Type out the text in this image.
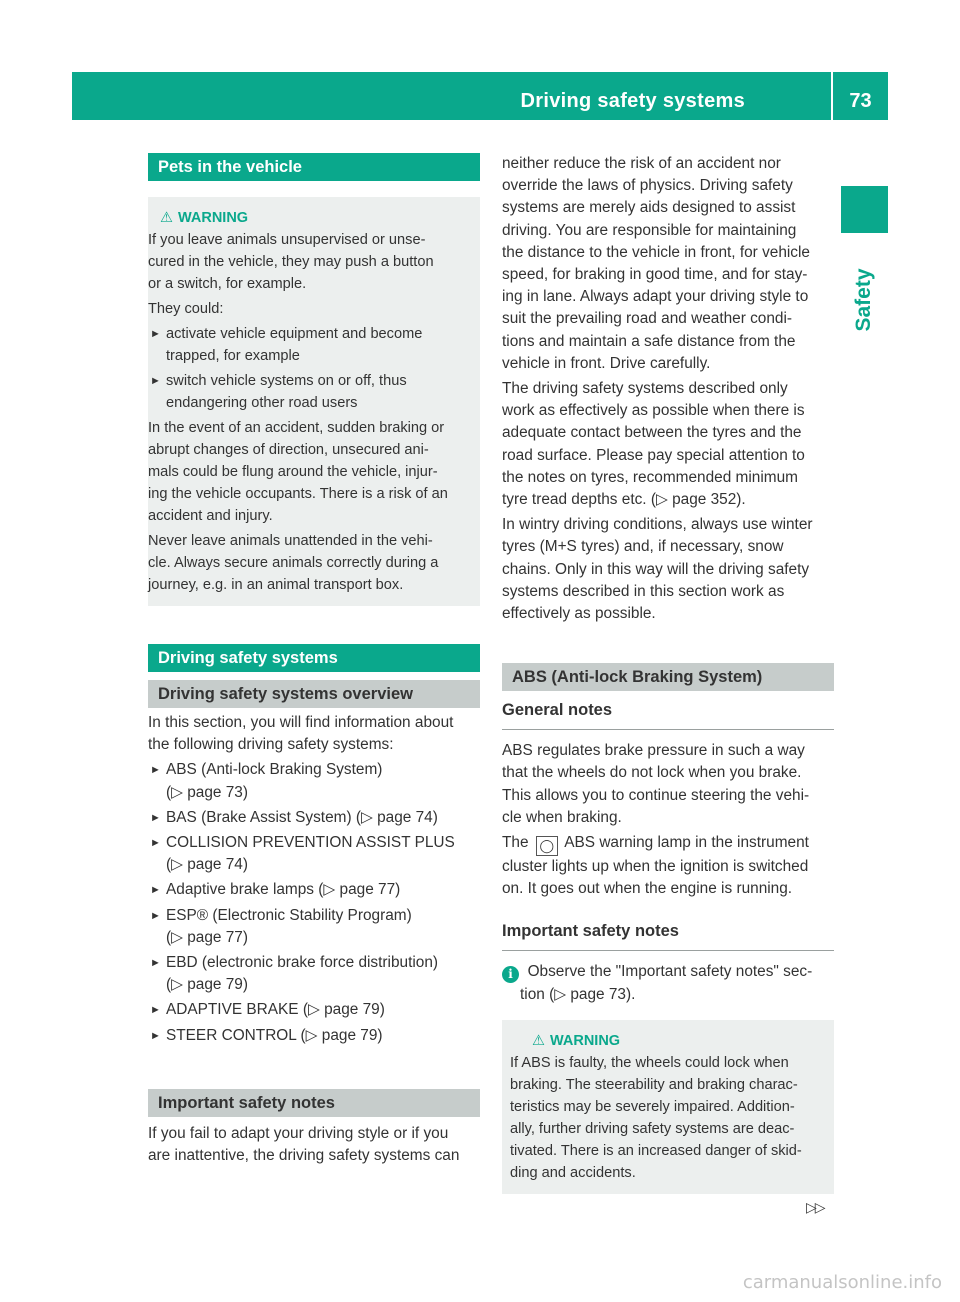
Driving safety systems	73
Safety
Pets in the vehicle
⚠ WARNING

If you leave animals unsupervised or unse-

cured in the vehicle, they may push a button

or a switch, for example.

They could:

► activate vehicle equipment and become

trapped, for example

► switch vehicle systems on or off, thus

endangering other road users

In the event of an accident, sudden braking or

abrupt changes of direction, unsecured ani-

mals could be flung around the vehicle, injur-

ing the vehicle occupants. There is a risk of an

accident and injury.

Never leave animals unattended in the vehi-

cle. Always secure animals correctly during a

journey, e.g. in an animal transport box.

Driving safety systems
Driving safety systems overview

In this section, you will find information about

the following driving safety systems:

► ABS (Anti-lock Braking System)

(▷ page 73)

► BAS (Brake Assist System) (▷ page 74)

► COLLISION PREVENTION ASSIST PLUS

(▷ page 74)

► Adaptive brake lamps (▷ page 77)

► ESP® (Electronic Stability Program)

(▷ page 77)

► EBD (electronic brake force distribution)

(▷ page 79)

► ADAPTIVE BRAKE (▷ page 79)

► STEER CONTROL (▷ page 79)

Important safety notes

If you fail to adapt your driving style or if you

are inattentive, the driving safety systems can

neither reduce the risk of an accident nor

override the laws of physics. Driving safety

systems are merely aids designed to assist

driving. You are responsible for maintaining

the distance to the vehicle in front, for vehicle

speed, for braking in good time, and for stay-

ing in lane. Always adapt your driving style to

suit the prevailing road and weather condi-

tions and maintain a safe distance from the

vehicle in front. Drive carefully.

The driving safety systems described only

work as effectively as possible when there is

adequate contact between the tyres and the

road surface. Please pay special attention to

the notes on tyres, recommended minimum

tyre tread depths etc. (▷ page 352).

In wintry driving conditions, always use winter

tyres (M+S tyres) and, if necessary, snow

chains. Only in this way will the driving safety

systems described in this section work as

effectively as possible.

ABS (Anti-lock Braking System)
General notes

ABS regulates brake pressure in such a way

that the wheels do not lock when you brake.

This allows you to continue steering the vehi-

cle when braking.

The ◯ ABS warning lamp in the instrument

cluster lights up when the ignition is switched

on. It goes out when the engine is running.

Important safety notes

i Observe the "Important safety notes" sec-

tion (▷ page 73).

⚠ WARNING

If ABS is faulty, the wheels could lock when

braking. The steerability and braking charac-

teristics may be severely impaired. Addition-

ally, further driving safety systems are deac-

tivated. There is an increased danger of skid-

ding and accidents.

▷▷
carmanualsonline.info
